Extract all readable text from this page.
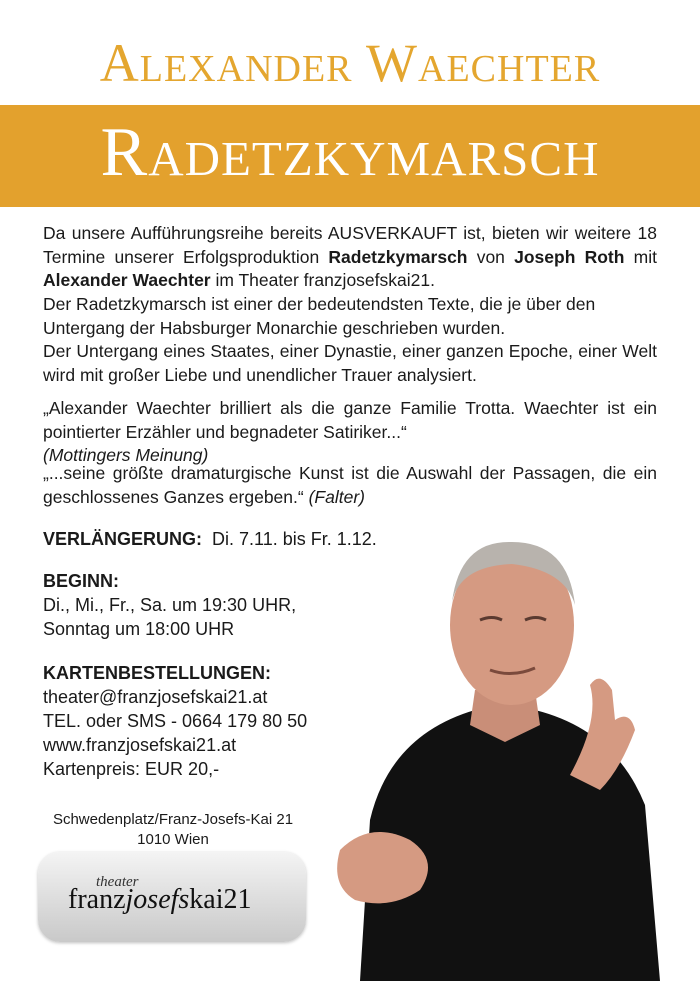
Alexander Waechter
Radetzkymarsch
Da unsere Aufführungsreihe bereits AUSVERKAUFT ist, bieten wir weitere 18 Termine unserer Erfolgsproduktion Radetzkymarsch von Joseph Roth mit Alexander Waechter im Theater franzjosefskai21.
Der Radetzkymarsch ist einer der bedeutendsten Texte, die je über den Untergang der Habsburger Monarchie geschrieben wurden.
Der Untergang eines Staates, einer Dynastie, einer ganzen Epoche, einer Welt wird mit großer Liebe und unendlicher Trauer analysiert.
„Alexander Waechter brilliert als die ganze Familie Trotta. Waechter ist ein pointierter Erzähler und begnadeter Satiriker...“
(Mottingers Meinung)
„...seine größte dramaturgische Kunst ist die Auswahl der Passagen, die ein geschlossenes Ganzes ergeben.“ (Falter)
VERLÄNGERUNG: Di. 7.11. bis Fr. 1.12.
BEGINN:
Di., Mi., Fr., Sa. um 19:30 UHR,
Sonntag um 18:00 UHR
KARTENBESTELLUNGEN:
theater@franzjosefskai21.at
TEL. oder SMS - 0664 179 80 50
www.franzjosefskai21.at
Kartenpreis: EUR 20,-
Schwedenplatz/Franz-Josefs-Kai 21
1010 Wien
theater
franzjosefskai21
